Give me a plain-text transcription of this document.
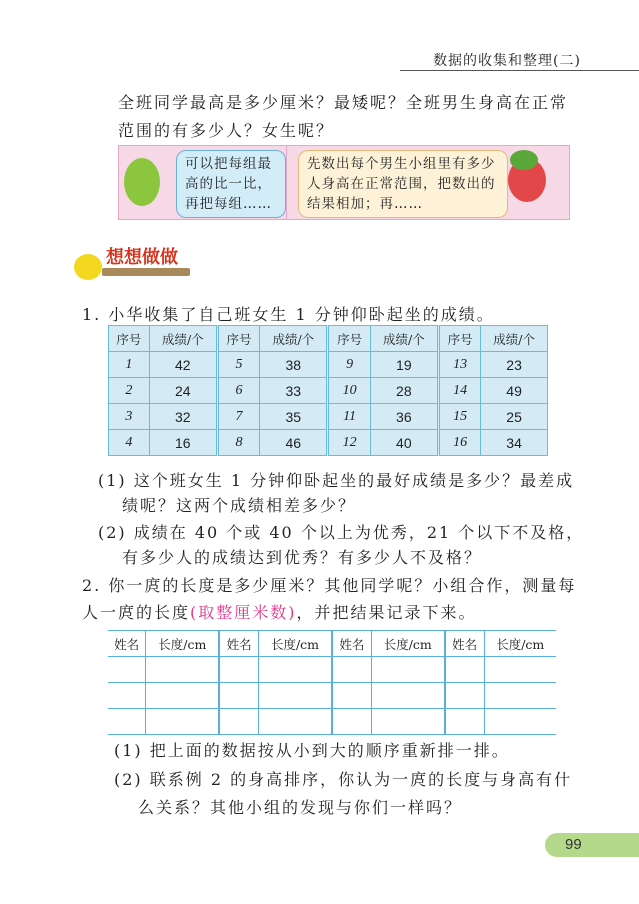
数据的收集和整理(二)
全班同学最高是多少厘米？最矮呢？全班男生身高在正常
范围的有多少人？女生呢？
可以把每组最高的比一比，再把每组……
先数出每个男生小组里有多少人身高在正常范围，把数出的结果相加；再……
想想做做
1. 小华收集了自己班女生 1 分钟仰卧起坐的成绩。
序号	成绩/个	序号	成绩/个	序号	成绩/个	序号	成绩/个
1	42	5	38	9	19	13	23
2	24	6	33	10	28	14	49
3	32	7	35	11	36	15	25
4	16	8	46	12	40	16	34
(1) 这个班女生 1 分钟仰卧起坐的最好成绩是多少？最差成
绩呢？这两个成绩相差多少？
(2) 成绩在 40 个或 40 个以上为优秀，21 个以下不及格，
有多少人的成绩达到优秀？有多少人不及格？
2. 你一庹的长度是多少厘米？其他同学呢？小组合作，测量每
人一庹的长度(取整厘米数)，并把结果记录下来。
姓名	长度/cm	姓名	长度/cm	姓名	长度/cm	姓名	长度/cm

(1) 把上面的数据按从小到大的顺序重新排一排。
(2) 联系例 2 的身高排序，你认为一庹的长度与身高有什
么关系？其他小组的发现与你们一样吗？
99
